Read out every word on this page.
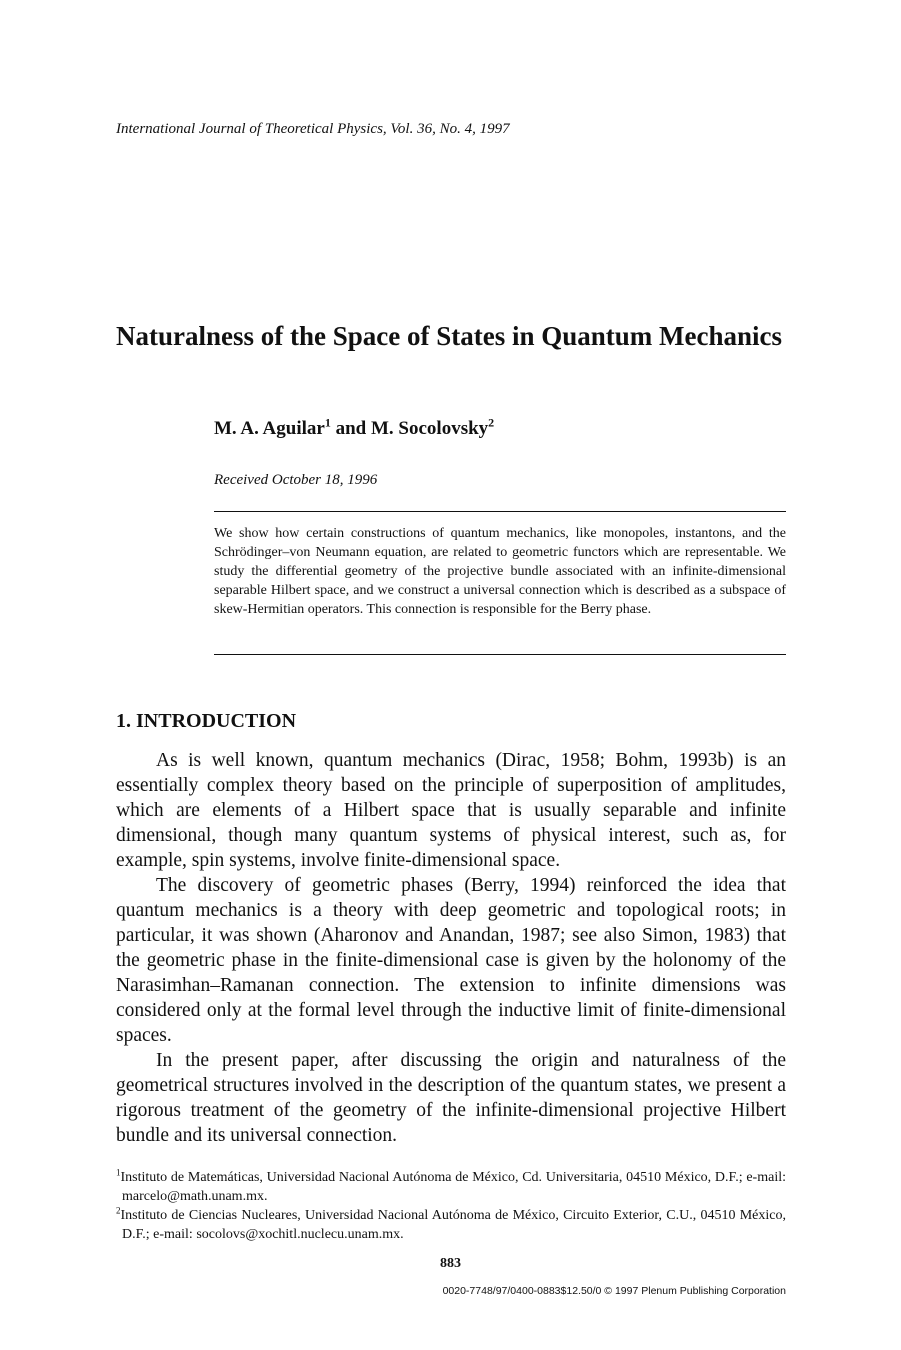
International Journal of Theoretical Physics, Vol. 36, No. 4, 1997
Naturalness of the Space of States in Quantum Mechanics
M. A. Aguilar$^1$ and M. Socolovsky$^2$
Received October 18, 1996
We show how certain constructions of quantum mechanics, like monopoles, instantons, and the Schrödinger–von Neumann equation, are related to geometric functors which are representable. We study the differential geometry of the projective bundle associated with an infinite-dimensional separable Hilbert space, and we construct a universal connection which is described as a subspace of skew-Hermitian operators. This connection is responsible for the Berry phase.
1. INTRODUCTION

As is well known, quantum mechanics (Dirac, 1958; Bohm, 1993b) is an essentially complex theory based on the principle of superposition of amplitudes, which are elements of a Hilbert space that is usually separable and infinite dimensional, though many quantum systems of physical interest, such as, for example, spin systems, involve finite-dimensional space.

The discovery of geometric phases (Berry, 1994) reinforced the idea that quantum mechanics is a theory with deep geometric and topological roots; in particular, it was shown (Aharonov and Anandan, 1987; see also Simon, 1983) that the geometric phase in the finite-dimensional case is given by the holonomy of the Narasimhan–Ramanan connection. The extension to infinite dimensions was considered only at the formal level through the inductive limit of finite-dimensional spaces.

In the present paper, after discussing the origin and naturalness of the geometrical structures involved in the description of the quantum states, we present a rigorous treatment of the geometry of the infinite-dimensional projective Hilbert bundle and its universal connection.

$^1$Instituto de Matemáticas, Universidad Nacional Autónoma de México, Cd. Universitaria, 04510 México, D.F.; e-mail: marcelo@math.unam.mx.

$^2$Instituto de Ciencias Nucleares, Universidad Nacional Autónoma de México, Circuito Exterior, C.U., 04510 México, D.F.; e-mail: socolovs@xochitl.nuclecu.unam.mx.

883
0020-7748/97/0400-0883$12.50/0 © 1997 Plenum Publishing Corporation
